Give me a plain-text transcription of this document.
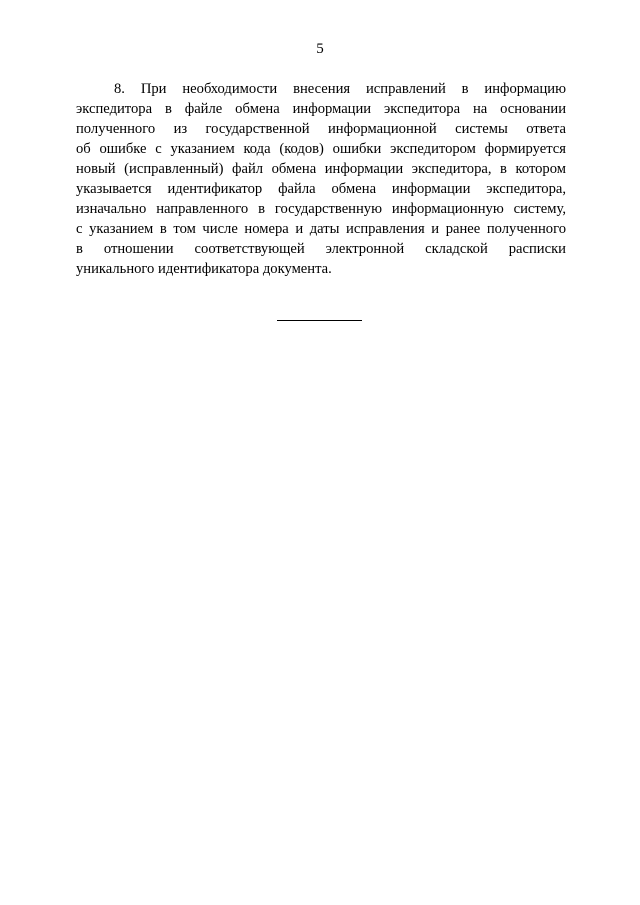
5
8. При необходимости внесения исправлений в информацию
экспедитора в файле обмена информации экспедитора на основании
полученного из государственной информационной системы ответа
об ошибке с указанием кода (кодов) ошибки экспедитором формируется
новый (исправленный) файл обмена информации экспедитора, в котором
указывается идентификатор файла обмена информации экспедитора,
изначально направленного в государственную информационную систему,
с указанием в том числе номера и даты исправления и ранее полученного
в отношении соответствующей электронной складской расписки
уникального идентификатора документа.
